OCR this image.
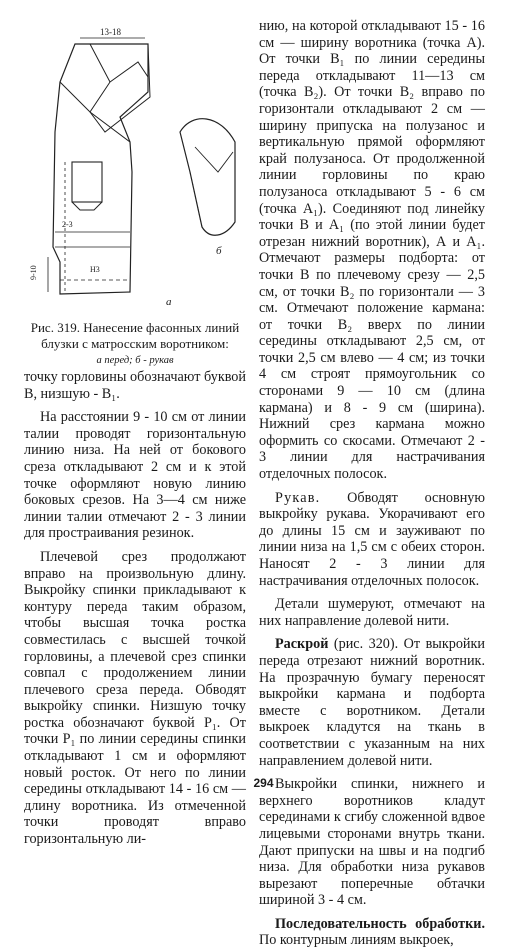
13-18
а
б
9-10
2-3
Н3
Рис. 319. Нанесение фасонных линий блузки с матросским воротником:
а перед; б - рукав

точку горловины обозначают буквой В, низшую - В₁.

На расстоянии 9 - 10 см от линии талии проводят горизонтальную линию низа. На ней от бокового среза откладывают 2 см и к этой точке оформляют новую линию боковых срезов. На 3—4 см ниже линии талии отмечают 2 - 3 линии для простраивания резинок.

Плечевой срез продолжают вправо на произвольную длину. Выкройку спинки прикладывают к контуру переда таким образом, чтобы высшая точка ростка совместилась с высшей точкой горловины, а плечевой срез спинки совпал с продолжением линии плечевого среза переда. Обводят выкройку спинки. Низшую точку ростка обозначают буквой Р₁. От точки Р₁ по линии середины спинки откладывают 1 см и оформляют новый росток. От него по линии середины откладывают 14 - 16 см — длину воротника. Из отмеченной точки проводят вправо горизонтальную ли-

нию, на которой откладывают 15 - 16 см — ширину воротника (точка А). От точки В₁ по линии середины переда откладывают 11—13 см (точка В₂). От точки В₂ вправо по горизонтали откладывают 2 см — ширину припуска на полузанос и вертикальную прямой оформляют край полузаноса. От продолженной линии горловины по краю полузаноса откладывают 5 - 6 см (точка А₁). Соединяют под линейку точки В и А₁ (по этой линии будет отрезан нижний воротник), А и А₁. Отмечают размеры подборта: от точки В по плечевому срезу — 2,5 см, от точки В₂ по горизонтали — 3 см. Отмечают положение кармана: от точки В₂ вверх по линии середины откладывают 2,5 см, от точки 2,5 см влево — 4 см; из точки 4 см строят прямоугольник со сторонами 9 — 10 см (длина кармана) и 8 - 9 см (ширина). Нижний срез кармана можно оформить со скосами. Отмечают 2 - 3 линии для настрачивания отделочных полосок.

Рукав. Обводят основную выкройку рукава. Укорачивают его до длины 15 см и зауживают по линии низа на 1,5 см с обеих сторон. Наносят 2 - 3 линии для настрачивания отделочных полосок.

Детали шумеруют, отмечают на них направление долевой нити.

Раскрой (рис. 320). От выкройки переда отрезают нижний воротник. На прозрачную бумагу переносят выкройки кармана и подборта вместе с воротником. Детали выкроек кладутся на ткань в соответствии с указанным на них направлением долевой нити.

Выкройки спинки, нижнего и верхнего воротников кладут серединами к сгибу сложенной вдвое лицевыми сторонами внутрь ткани. Дают припуски на швы и на подгиб низа. Для обработки низа рукавов вырезают поперечные обтачки шириной 3 - 4 см.

Последовательность обработки. По контурным линиям выкроек,

294
